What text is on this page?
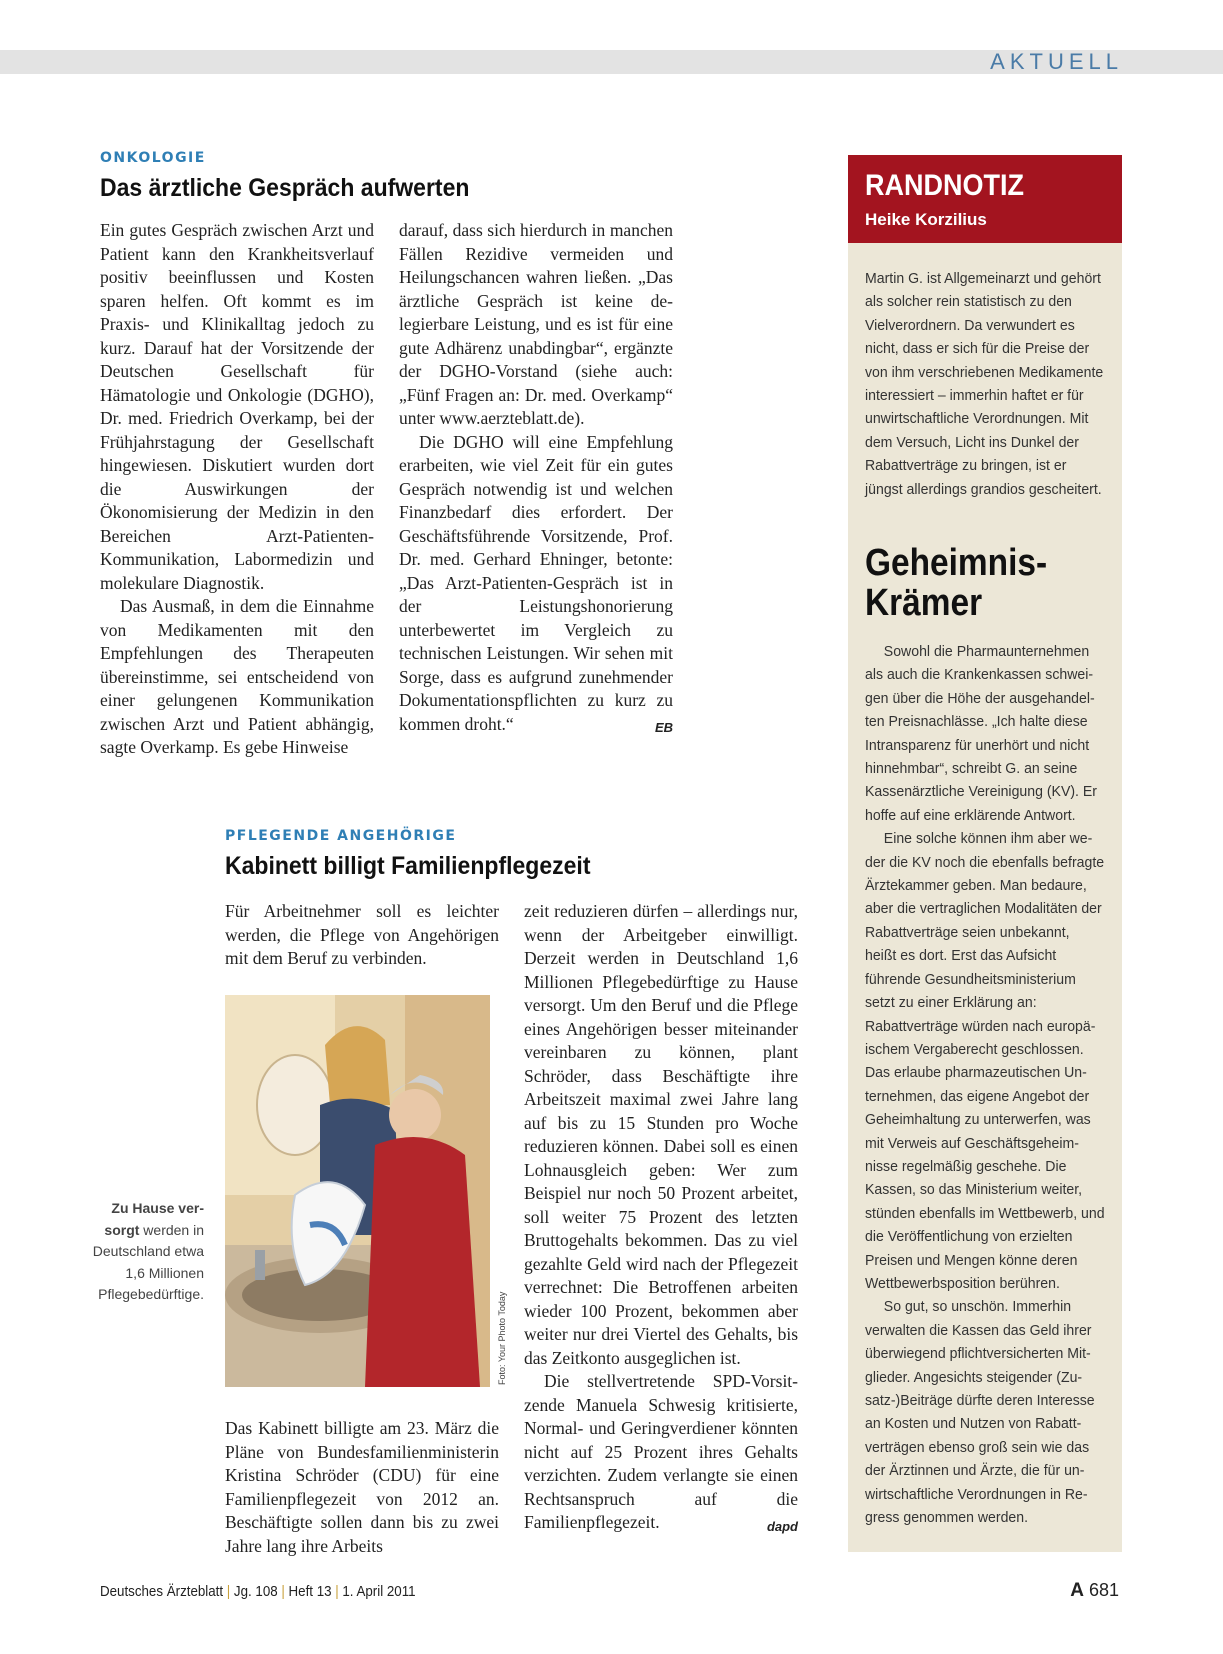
AKTUELL
ONKOLOGIE
Das ärztliche Gespräch aufwerten

Ein gutes Gespräch zwischen Arzt und Patient kann den Krankheitsverlauf positiv beeinflussen und Kosten sparen helfen. Oft kommt es im Praxis- und Klinikalltag jedoch zu kurz. Darauf hat der Vorsitzende der Deutschen Gesellschaft für Hämatologie und Onkologie (DGHO), Dr. med. Friedrich Overkamp, bei der Frühjahrstagung der Gesellschaft hingewiesen. Diskutiert wurden dort die Auswirkungen der Ökonomisierung der Medizin in den Bereichen Arzt-Patienten-Kommunikation, Labormedizin und molekulare Diagnostik.

Das Ausmaß, in dem die Einnahme von Medikamenten mit den Empfehlungen des Therapeuten übereinstimme, sei entscheidend von einer gelungenen Kommunikation zwischen Arzt und Patient abhängig, sagte Overkamp. Es gebe Hinweise

darauf, dass sich hierdurch in manchen Fällen Rezidive vermeiden und Heilungschancen wahren ließen. „Das ärztliche Gespräch ist keine delegierbare Leistung, und es ist für eine gute Adhärenz unabdingbar“, ergänzte der DGHO-Vorstand (siehe auch: „Fünf Fragen an: Dr. med. Overkamp“ unter www.aerzteblatt.de).

Die DGHO will eine Empfehlung erarbeiten, wie viel Zeit für ein gutes Gespräch notwendig ist und welchen Finanzbedarf dies erfordert. Der Geschäftsführende Vorsitzende, Prof. Dr. med. Gerhard Ehninger, betonte: „Das Arzt-Patienten-Gespräch ist in der Leistungshonorierung unterbewertet im Vergleich zu technischen Leistungen. Wir sehen mit Sorge, dass es aufgrund zunehmender Dokumentationspflichten zu kurz zu kommen droht.“	EB
PFLEGENDE ANGEHÖRIGE
Kabinett billigt Familienpflegezeit

Für Arbeitnehmer soll es leichter werden, die Pflege von Angehörigen mit dem Beruf zu verbinden.

Foto: Your Photo Today
Zu Hause versorgt werden in Deutschland etwa 1,6 Millionen Pflegebedürftige.

Das Kabinett billigte am 23. März die Pläne von Bundesfamilienministerin Kristina Schröder (CDU) für eine Familienpflegezeit von 2012 an. Beschäftigte sollen dann bis zu zwei Jahre lang ihre Arbeits

zeit reduzieren dürfen – allerdings nur, wenn der Arbeitgeber einwilligt. Derzeit werden in Deutschland 1,6 Millionen Pflegebedürftige zu Hause versorgt. Um den Beruf und die Pflege eines Angehörigen besser miteinander vereinbaren zu können, plant Schröder, dass Beschäftigte ihre Arbeitszeit maximal zwei Jahre lang auf bis zu 15 Stunden pro Woche reduzieren können. Dabei soll es einen Lohnausgleich geben: Wer zum Beispiel nur noch 50 Prozent arbeitet, soll weiter 75 Prozent des letzten Bruttogehalts bekommen. Das zu viel gezahlte Geld wird nach der Pflegezeit verrechnet: Die Betroffenen arbeiten wieder 100 Prozent, bekommen aber weiter nur drei Viertel des Gehalts, bis das Zeitkonto ausgeglichen ist.

Die stellvertretende SPD-Vorsitzende Manuela Schwesig kritisierte, Normal- und Geringverdiener könnten nicht auf 25 Prozent ihres Gehalts verzichten. Zudem verlangte sie einen Rechtsanspruch auf die Familienpflegezeit.	dapd
RANDNOTIZ
Heike Korzilius

Martin G. ist Allgemeinarzt und gehört als solcher rein statistisch zu den Vielverordnern. Da verwundert es nicht, dass er sich für die Preise der von ihm verschriebenen Medikamente interessiert – immerhin haftet er für unwirtschaftliche Verordnungen. Mit dem Versuch, Licht ins Dunkel der Rabattverträge zu bringen, ist er jüngst allerdings grandios gescheitert.

Geheimnis-Krämer

Sowohl die Pharmaunternehmen als auch die Krankenkassen schweigen über die Höhe der ausgehandelten Preisnachlässe. „Ich halte diese Intransparenz für unerhört und nicht hinnehmbar“, schreibt G. an seine Kassenärztliche Vereinigung (KV). Er hoffe auf eine erklärende Antwort.

Eine solche können ihm aber weder die KV noch die ebenfalls befragte Ärztekammer geben. Man bedaure, aber die vertraglichen Modalitäten der Rabattverträge seien unbekannt, heißt es dort. Erst das Aufsicht führende Gesundheitsministerium setzt zu einer Erklärung an: Rabattverträge würden nach europäischem Vergaberecht geschlossen. Das erlaube pharmazeutischen Unternehmen, das eigene Angebot der Geheimhaltung zu unterwerfen, was mit Verweis auf Geschäftsgeheimnisse regelmäßig geschehe. Die Kassen, so das Ministerium weiter, stünden ebenfalls im Wettbewerb, und die Veröffentlichung von erzielten Preisen und Mengen könne deren Wettbewerbsposition berühren.

So gut, so unschön. Immerhin verwalten die Kassen das Geld ihrer überwiegend pflichtversicherten Mitglieder. Angesichts steigender (Zusatz-)Beiträge dürfte deren Interesse an Kosten und Nutzen von Rabattverträgen ebenso groß sein wie das der Ärztinnen und Ärzte, die für unwirtschaftliche Verordnungen in Regress genommen werden.

Deutsches Ärzteblatt | Jg. 108 | Heft 13 | 1. April 2011	A 681
